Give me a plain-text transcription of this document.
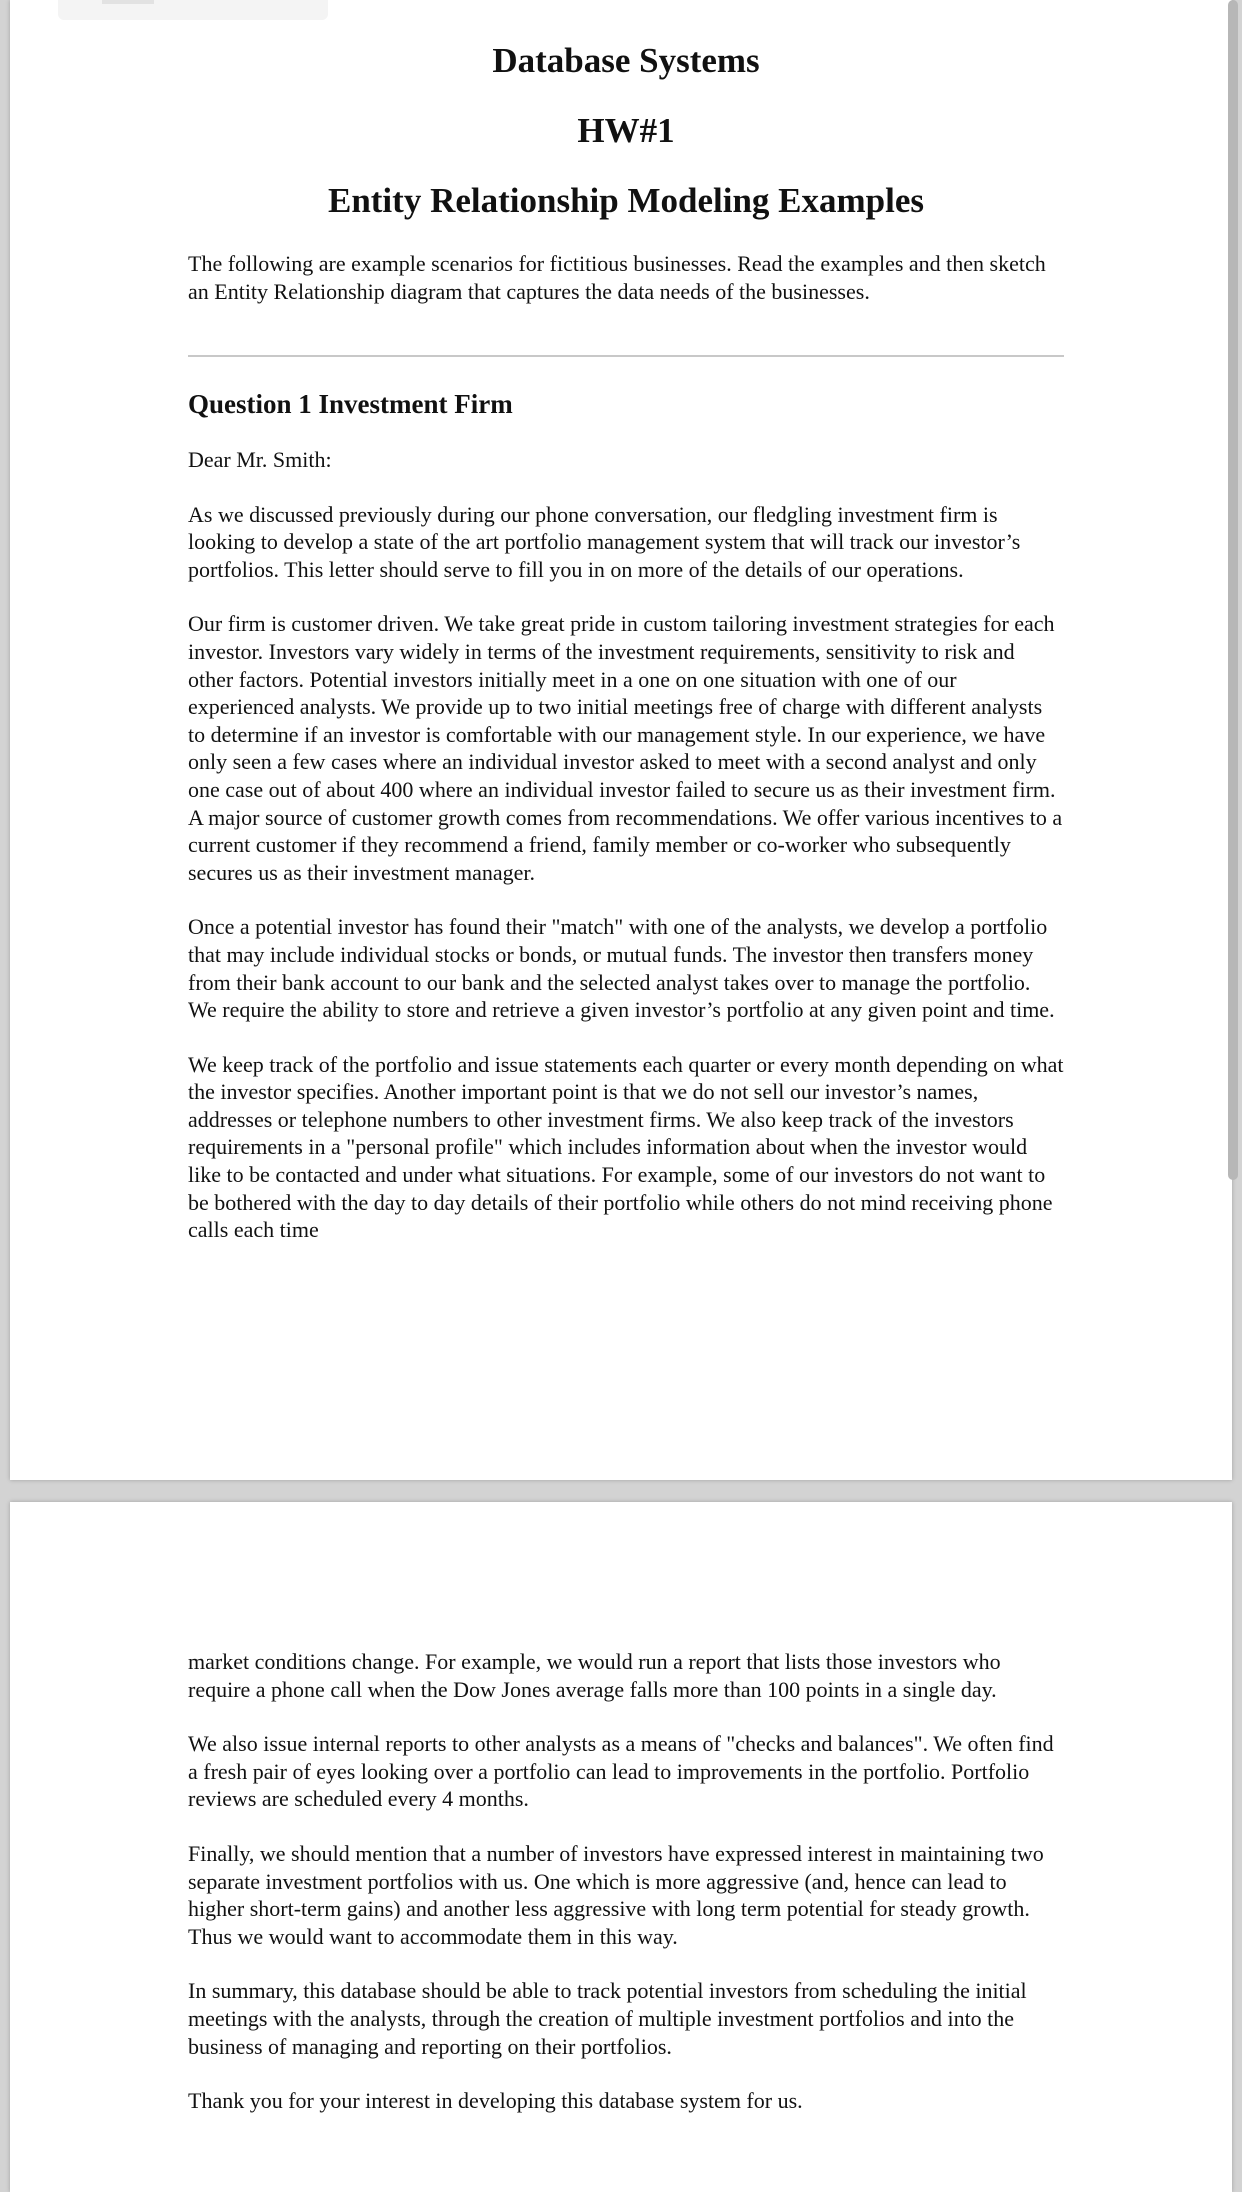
Database Systems
HW#1
Entity Relationship Modeling Examples

The following are example scenarios for fictitious businesses. Read the examples and then sketch an Entity Relationship diagram that captures the data needs of the businesses.

Question 1 Investment Firm

Dear Mr. Smith:

As we discussed previously during our phone conversation, our fledgling investment firm is looking to develop a state of the art portfolio management system that will track our investor’s portfolios. This letter should serve to fill you in on more of the details of our operations.

Our firm is customer driven. We take great pride in custom tailoring investment strategies for each investor. Investors vary widely in terms of the investment requirements, sensitivity to risk and other factors. Potential investors initially meet in a one on one situation with one of our experienced analysts. We provide up to two initial meetings free of charge with different analysts to determine if an investor is comfortable with our management style. In our experience, we have only seen a few cases where an individual investor asked to meet with a second analyst and only one case out of about 400 where an individual investor failed to secure us as their investment firm. A major source of customer growth comes from recommendations. We offer various incentives to a current customer if they recommend a friend, family member or co-worker who subsequently secures us as their investment manager.

Once a potential investor has found their "match" with one of the analysts, we develop a portfolio that may include individual stocks or bonds, or mutual funds. The investor then transfers money from their bank account to our bank and the selected analyst takes over to manage the portfolio. We require the ability to store and retrieve a given investor’s portfolio at any given point and time.

We keep track of the portfolio and issue statements each quarter or every month depending on what the investor specifies. Another important point is that we do not sell our investor’s names, addresses or telephone numbers to other investment firms. We also keep track of the investors requirements in a "personal profile" which includes information about when the investor would like to be contacted and under what situations. For example, some of our investors do not want to be bothered with the day to day details of their portfolio while others do not mind receiving phone calls each time

market conditions change. For example, we would run a report that lists those investors who require a phone call when the Dow Jones average falls more than 100 points in a single day.

We also issue internal reports to other analysts as a means of "checks and balances". We often find a fresh pair of eyes looking over a portfolio can lead to improvements in the portfolio. Portfolio reviews are scheduled every 4 months.

Finally, we should mention that a number of investors have expressed interest in maintaining two separate investment portfolios with us. One which is more aggressive (and, hence can lead to higher short-term gains) and another less aggressive with long term potential for steady growth. Thus we would want to accommodate them in this way.

In summary, this database should be able to track potential investors from scheduling the initial meetings with the analysts, through the creation of multiple investment portfolios and into the business of managing and reporting on their portfolios.

Thank you for your interest in developing this database system for us.
